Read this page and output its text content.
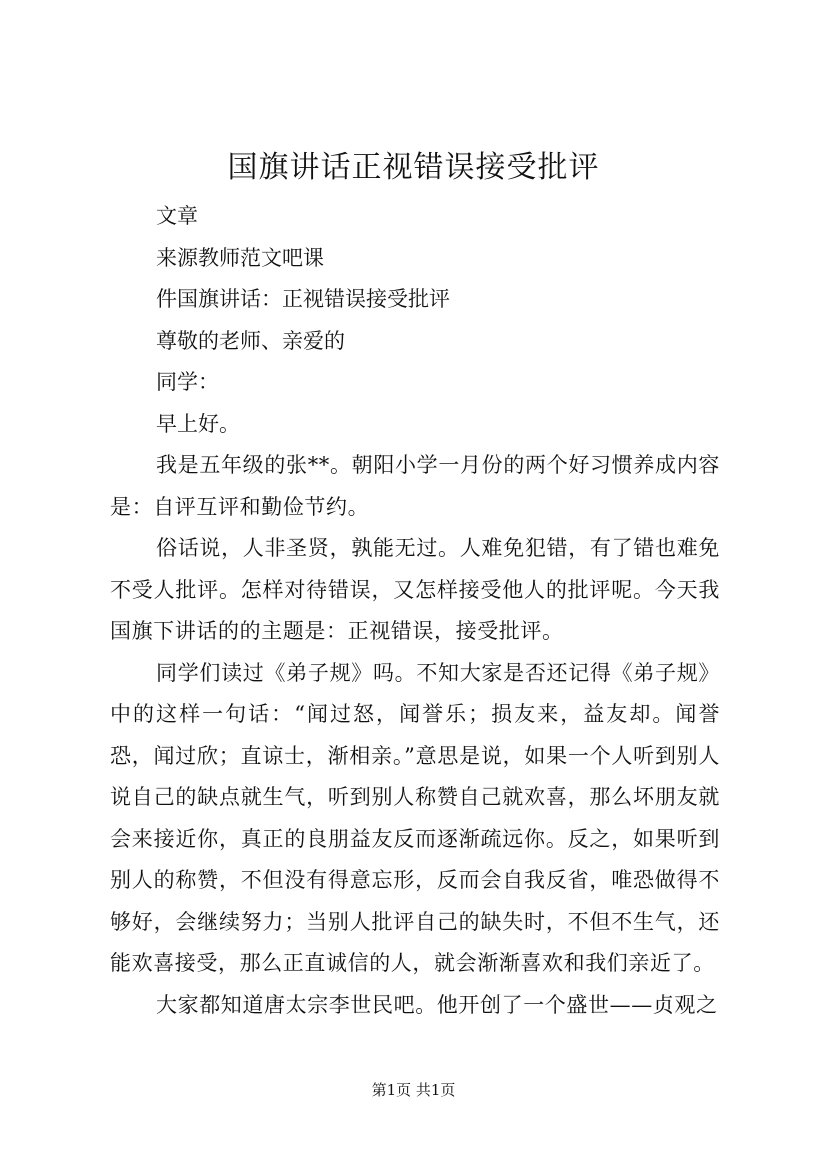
国旗讲话正视错误接受批评

文章

来源教师范文吧课

件国旗讲话：正视错误接受批评

尊敬的老师、亲爱的

同学：

早上好。

我是五年级的张**。朝阳小学一月份的两个好习惯养成内容是：自评互评和勤俭节约。

俗话说，人非圣贤，孰能无过。人难免犯错，有了错也难免不受人批评。怎样对待错误，又怎样接受他人的批评呢。今天我国旗下讲话的的主题是：正视错误，接受批评。

同学们读过《弟子规》吗。不知大家是否还记得《弟子规》中的这样一句话：“闻过怒，闻誉乐；损友来，益友却。闻誉恐，闻过欣；直谅士，渐相亲。”意思是说，如果一个人听到别人说自己的缺点就生气，听到别人称赞自己就欢喜，那么坏朋友就会来接近你，真正的良朋益友反而逐渐疏远你。反之，如果听到别人的称赞，不但没有得意忘形，反而会自我反省，唯恐做得不够好，会继续努力；当别人批评自己的缺失时，不但不生气，还能欢喜接受，那么正直诚信的人，就会渐渐喜欢和我们亲近了。

大家都知道唐太宗李世民吧。他开创了一个盛世——贞观之

第1页 共1页
